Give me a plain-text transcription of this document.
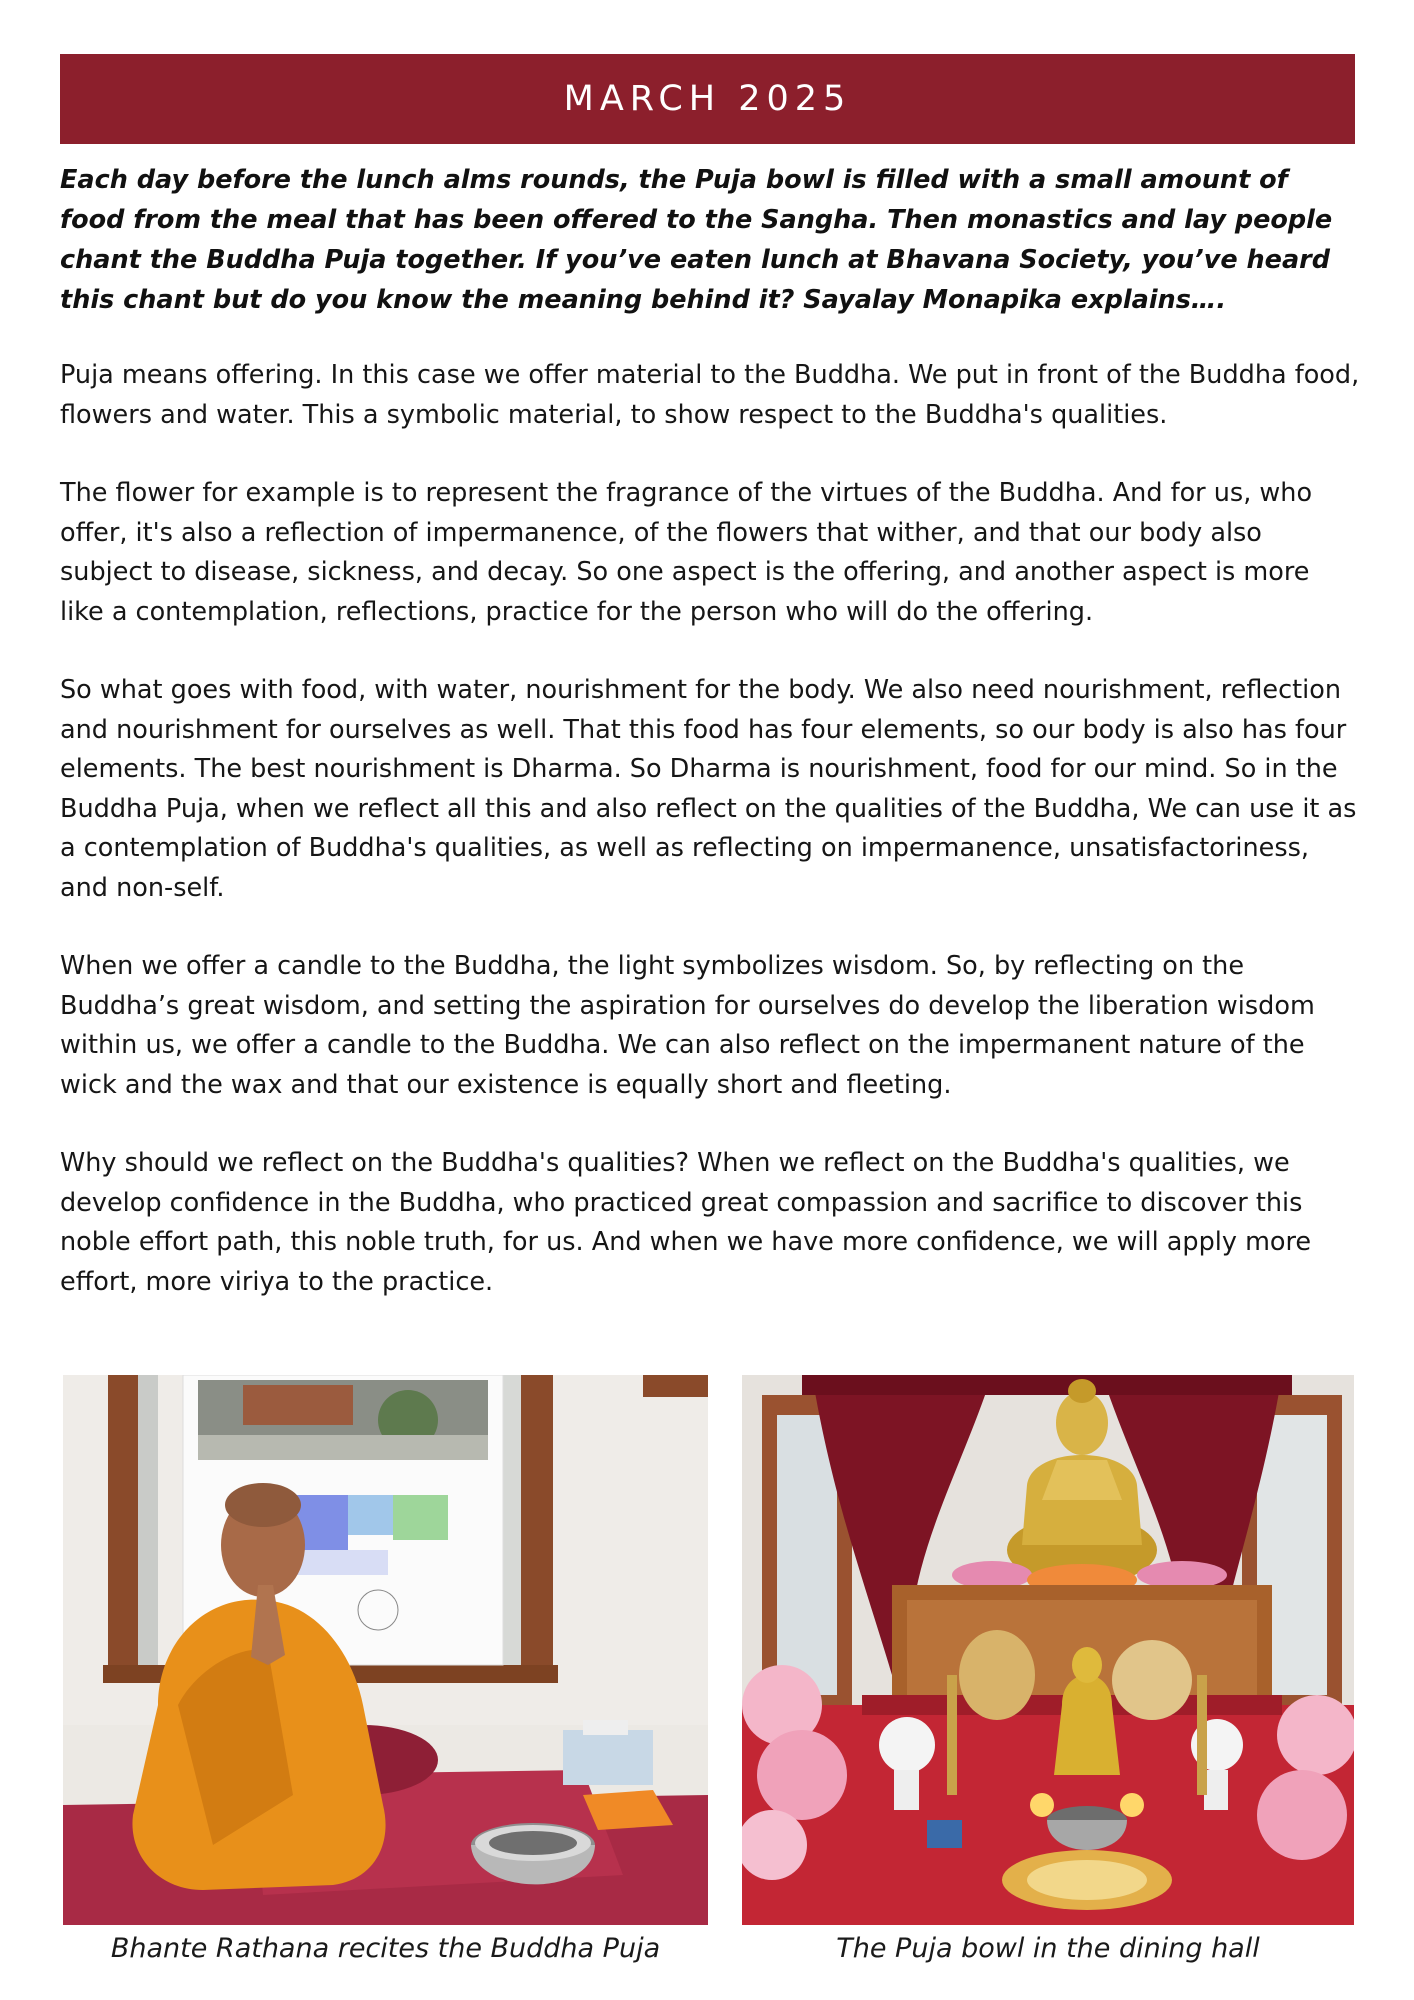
MARCH 2025

Each day before the lunch alms rounds, the Puja bowl is filled with a small amount of food from the meal that has been offered to the Sangha. Then monastics and lay people chant the Buddha Puja together. If you’ve eaten lunch at Bhavana Society, you’ve heard this chant but do you know the meaning behind it? Sayalay Monapika explains….

Puja means offering. In this case we offer material to the Buddha. We put in front of the Buddha food, flowers and water. This a symbolic material, to show respect to the Buddha's qualities.

The flower for example is to represent the fragrance of the virtues of the Buddha. And for us, who offer, it's also a reflection of impermanence, of the flowers that wither, and that our body also subject to disease, sickness, and decay. So one aspect is the offering, and another aspect is more like a contemplation, reflections, practice for the person who will do the offering.

So what goes with food, with water, nourishment for the body. We also need nourishment, reflection and nourishment for ourselves as well. That this food has four elements, so our body is also has four elements. The best nourishment is Dharma. So Dharma is nourishment, food for our mind. So in the Buddha Puja, when we reflect all this and also reflect on the qualities of the Buddha, We can use it as a contemplation of Buddha's qualities, as well as reflecting on impermanence, unsatisfactoriness, and non-self.

When we offer a candle to the Buddha, the light symbolizes wisdom. So, by reflecting on the Buddha’s great wisdom, and setting the aspiration for ourselves do develop the liberation wisdom within us, we offer a candle to the Buddha. We can also reflect on the impermanent nature of the wick and the wax and that our existence is equally short and fleeting.

Why should we reflect on the Buddha's qualities? When we reflect on the Buddha's qualities, we develop confidence in the Buddha, who practiced great compassion and sacrifice to discover this noble effort path, this noble truth, for us. And when we have more confidence, we will apply more effort, more viriya to the practice.

Bhante Rathana recites the Buddha Puja	The Puja bowl in the dining hall
